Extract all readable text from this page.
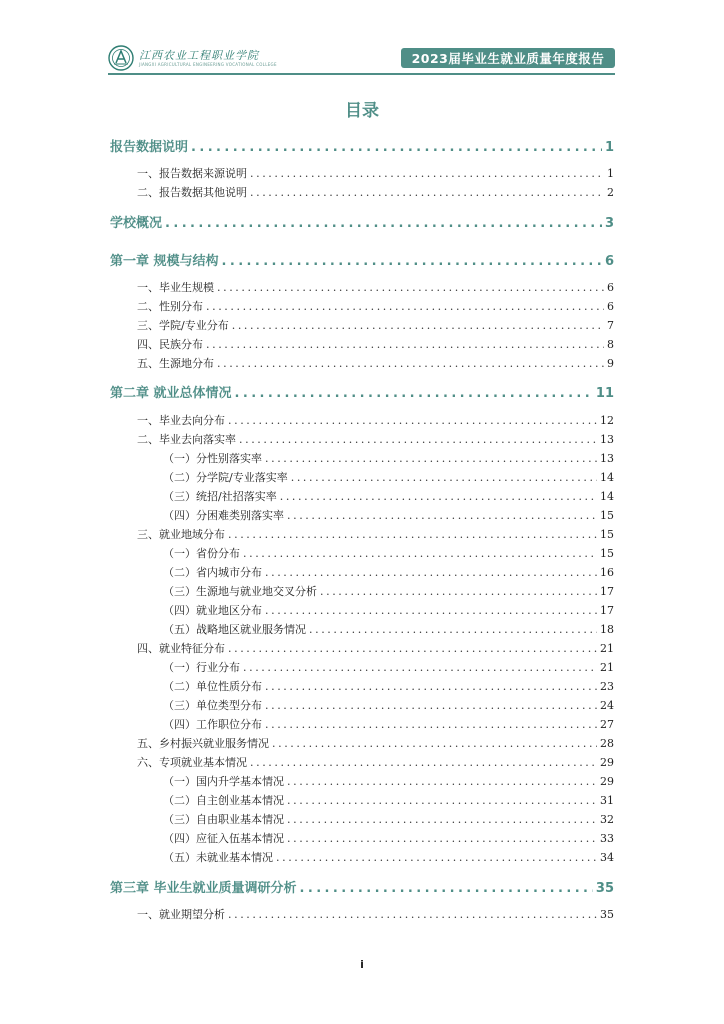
江西农业工程职业学院
JIANGXI AGRICULTURAL ENGINEERING VOCATIONAL COLLEGE	2023届毕业生就业质量年度报告
目录
报告数据说明 .....	1
一、报告数据来源说明 .....	1
二、报告数据其他说明 .....	2
学校概况 .....	3
第一章 规模与结构 .....	6
一、毕业生规模 .....	6
二、性别分布 .....	6
三、学院/专业分布 .....	7
四、民族分布 .....	8
五、生源地分布 .....	9
第二章 就业总体情况 .....	11
一、毕业去向分布 .....	12
二、毕业去向落实率 .....	13
（一）分性别落实率 .....	13
（二）分学院/专业落实率 .....	14
（三）统招/社招落实率 .....	14
（四）分困难类别落实率 .....	15
三、就业地域分布 .....	15
（一）省份分布 .....	15
（二）省内城市分布 .....	16
（三）生源地与就业地交叉分析 .....	17
（四）就业地区分布 .....	17
（五）战略地区就业服务情况 .....	18
四、就业特征分布 .....	21
（一）行业分布 .....	21
（二）单位性质分布 .....	23
（三）单位类型分布 .....	24
（四）工作职位分布 .....	27
五、乡村振兴就业服务情况 .....	28
六、专项就业基本情况 .....	29
（一）国内升学基本情况 .....	29
（二）自主创业基本情况 .....	31
（三）自由职业基本情况 .....	32
（四）应征入伍基本情况 .....	33
（五）未就业基本情况 .....	34
第三章 毕业生就业质量调研分析 .....	35
一、就业期望分析 .....	35
i
